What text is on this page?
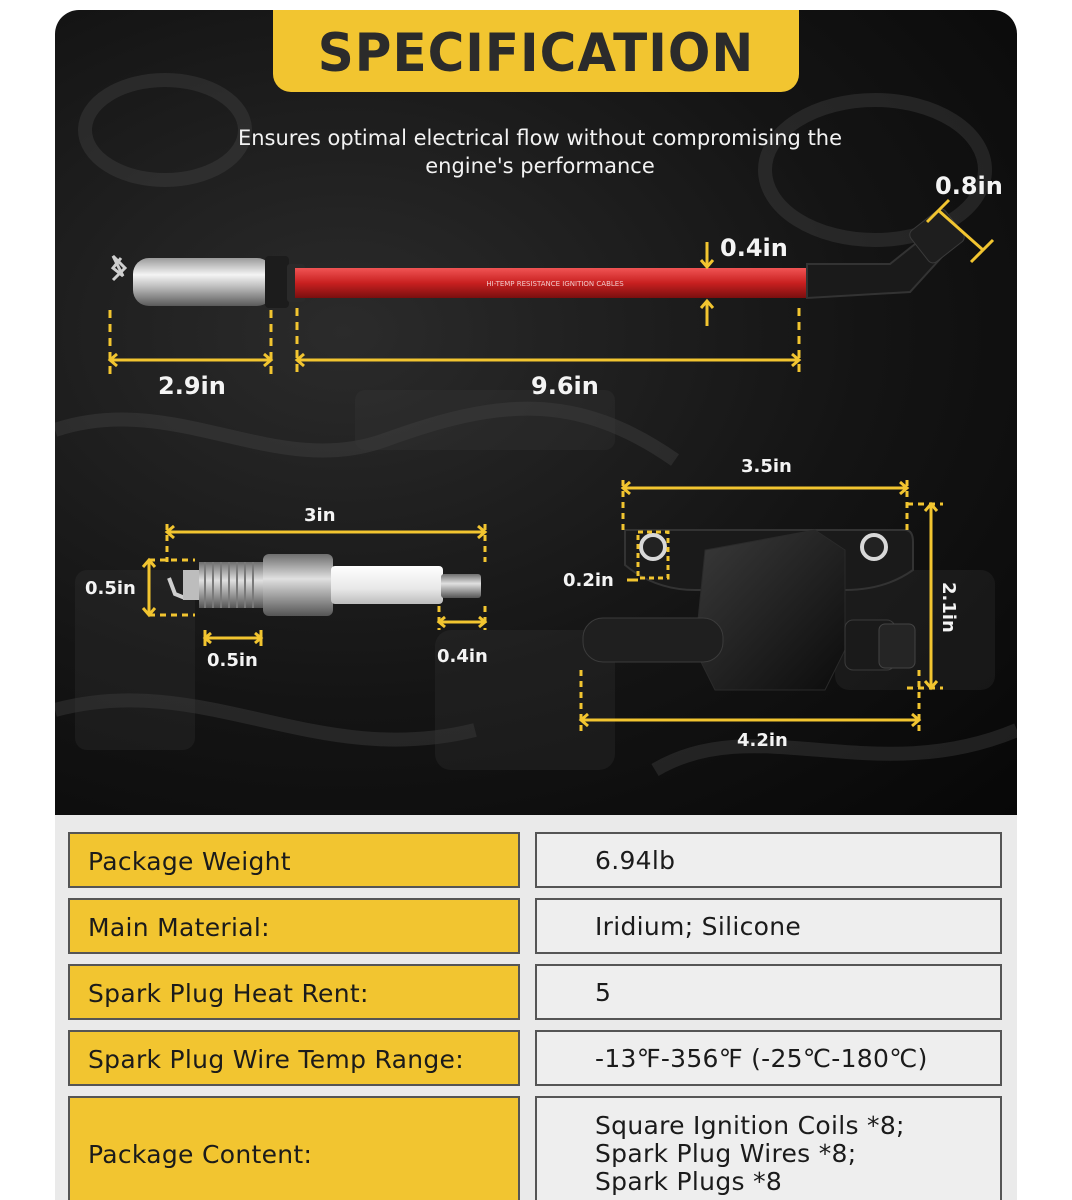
HI-TEMP RESISTANCE IGNITION CABLES
SPECIFICATION
Ensures optimal electrical flow without compromising the engine's performance
2.9in	9.6in
0.4in
0.8in
3in
0.5in
0.5in	0.4in
3.5in
0.2in
2.1in
4.2in
Package Weight	6.94lb
Main Material:	Iridium; Silicone
Spark Plug Heat Rent:	5
Spark Plug Wire Temp Range:	-13℉-356℉ (-25℃-180℃)
Package Content:
Square Ignition Coils *8;
Spark Plug Wires *8;
Spark Plugs *8
